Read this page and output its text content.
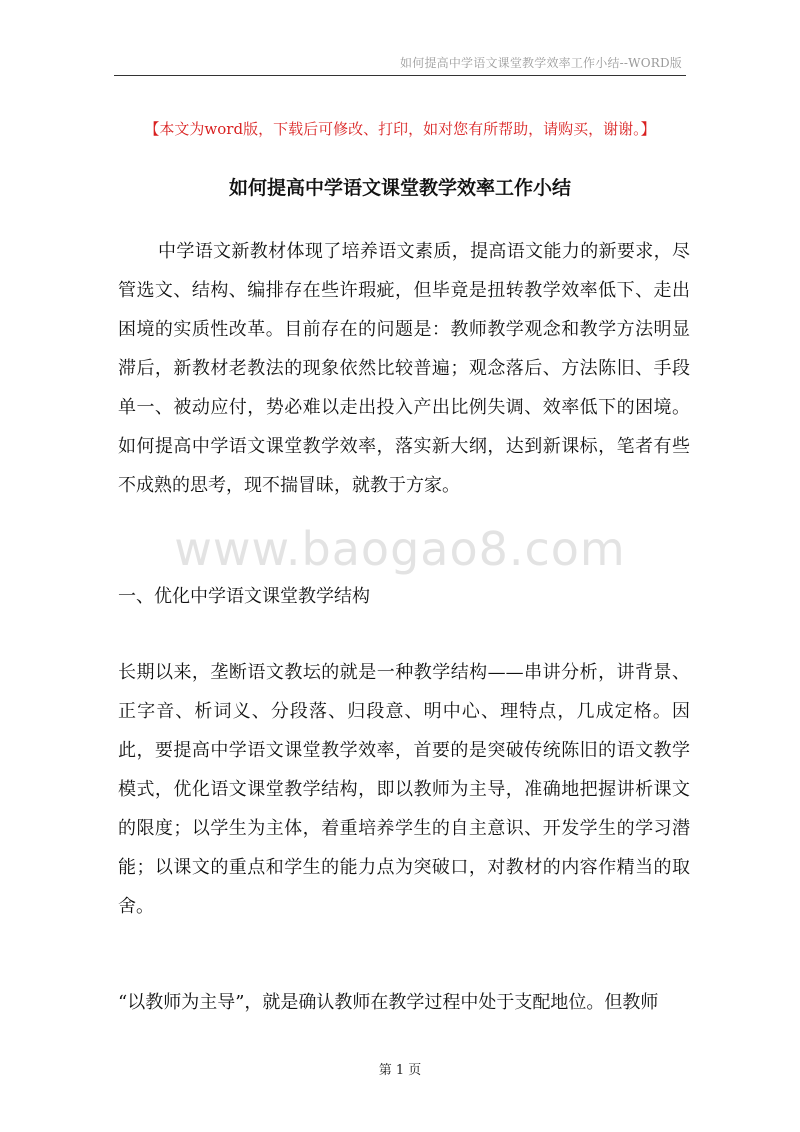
如何提高中学语文课堂教学效率工作小结--WORD版
【本文为word版，下载后可修改、打印，如对您有所帮助，请购买，谢谢。】
如何提高中学语文课堂教学效率工作小结

中学语文新教材体现了培养语文素质，提高语文能力的新要求，尽管选文、结构、编排存在些许瑕疵，但毕竟是扭转教学效率低下、走出困境的实质性改革。目前存在的问题是：教师教学观念和教学方法明显滞后，新教材老教法的现象依然比较普遍；观念落后、方法陈旧、手段单一、被动应付，势必难以走出投入产出比例失调、效率低下的困境。如何提高中学语文课堂教学效率，落实新大纲，达到新课标，笔者有些不成熟的思考，现不揣冒昧，就教于方家。

www.baogao8.com

一、优化中学语文课堂教学结构

长期以来，垄断语文教坛的就是一种教学结构——串讲分析，讲背景、正字音、析词义、分段落、归段意、明中心、理特点，几成定格。因此，要提高中学语文课堂教学效率，首要的是突破传统陈旧的语文教学模式，优化语文课堂教学结构，即以教师为主导，准确地把握讲析课文的限度；以学生为主体，着重培养学生的自主意识、开发学生的学习潜能；以课文的重点和学生的能力点为突破口，对教材的内容作精当的取舍。

“以教师为主导”，就是确认教师在教学过程中处于支配地位。但教师

第 1 页
